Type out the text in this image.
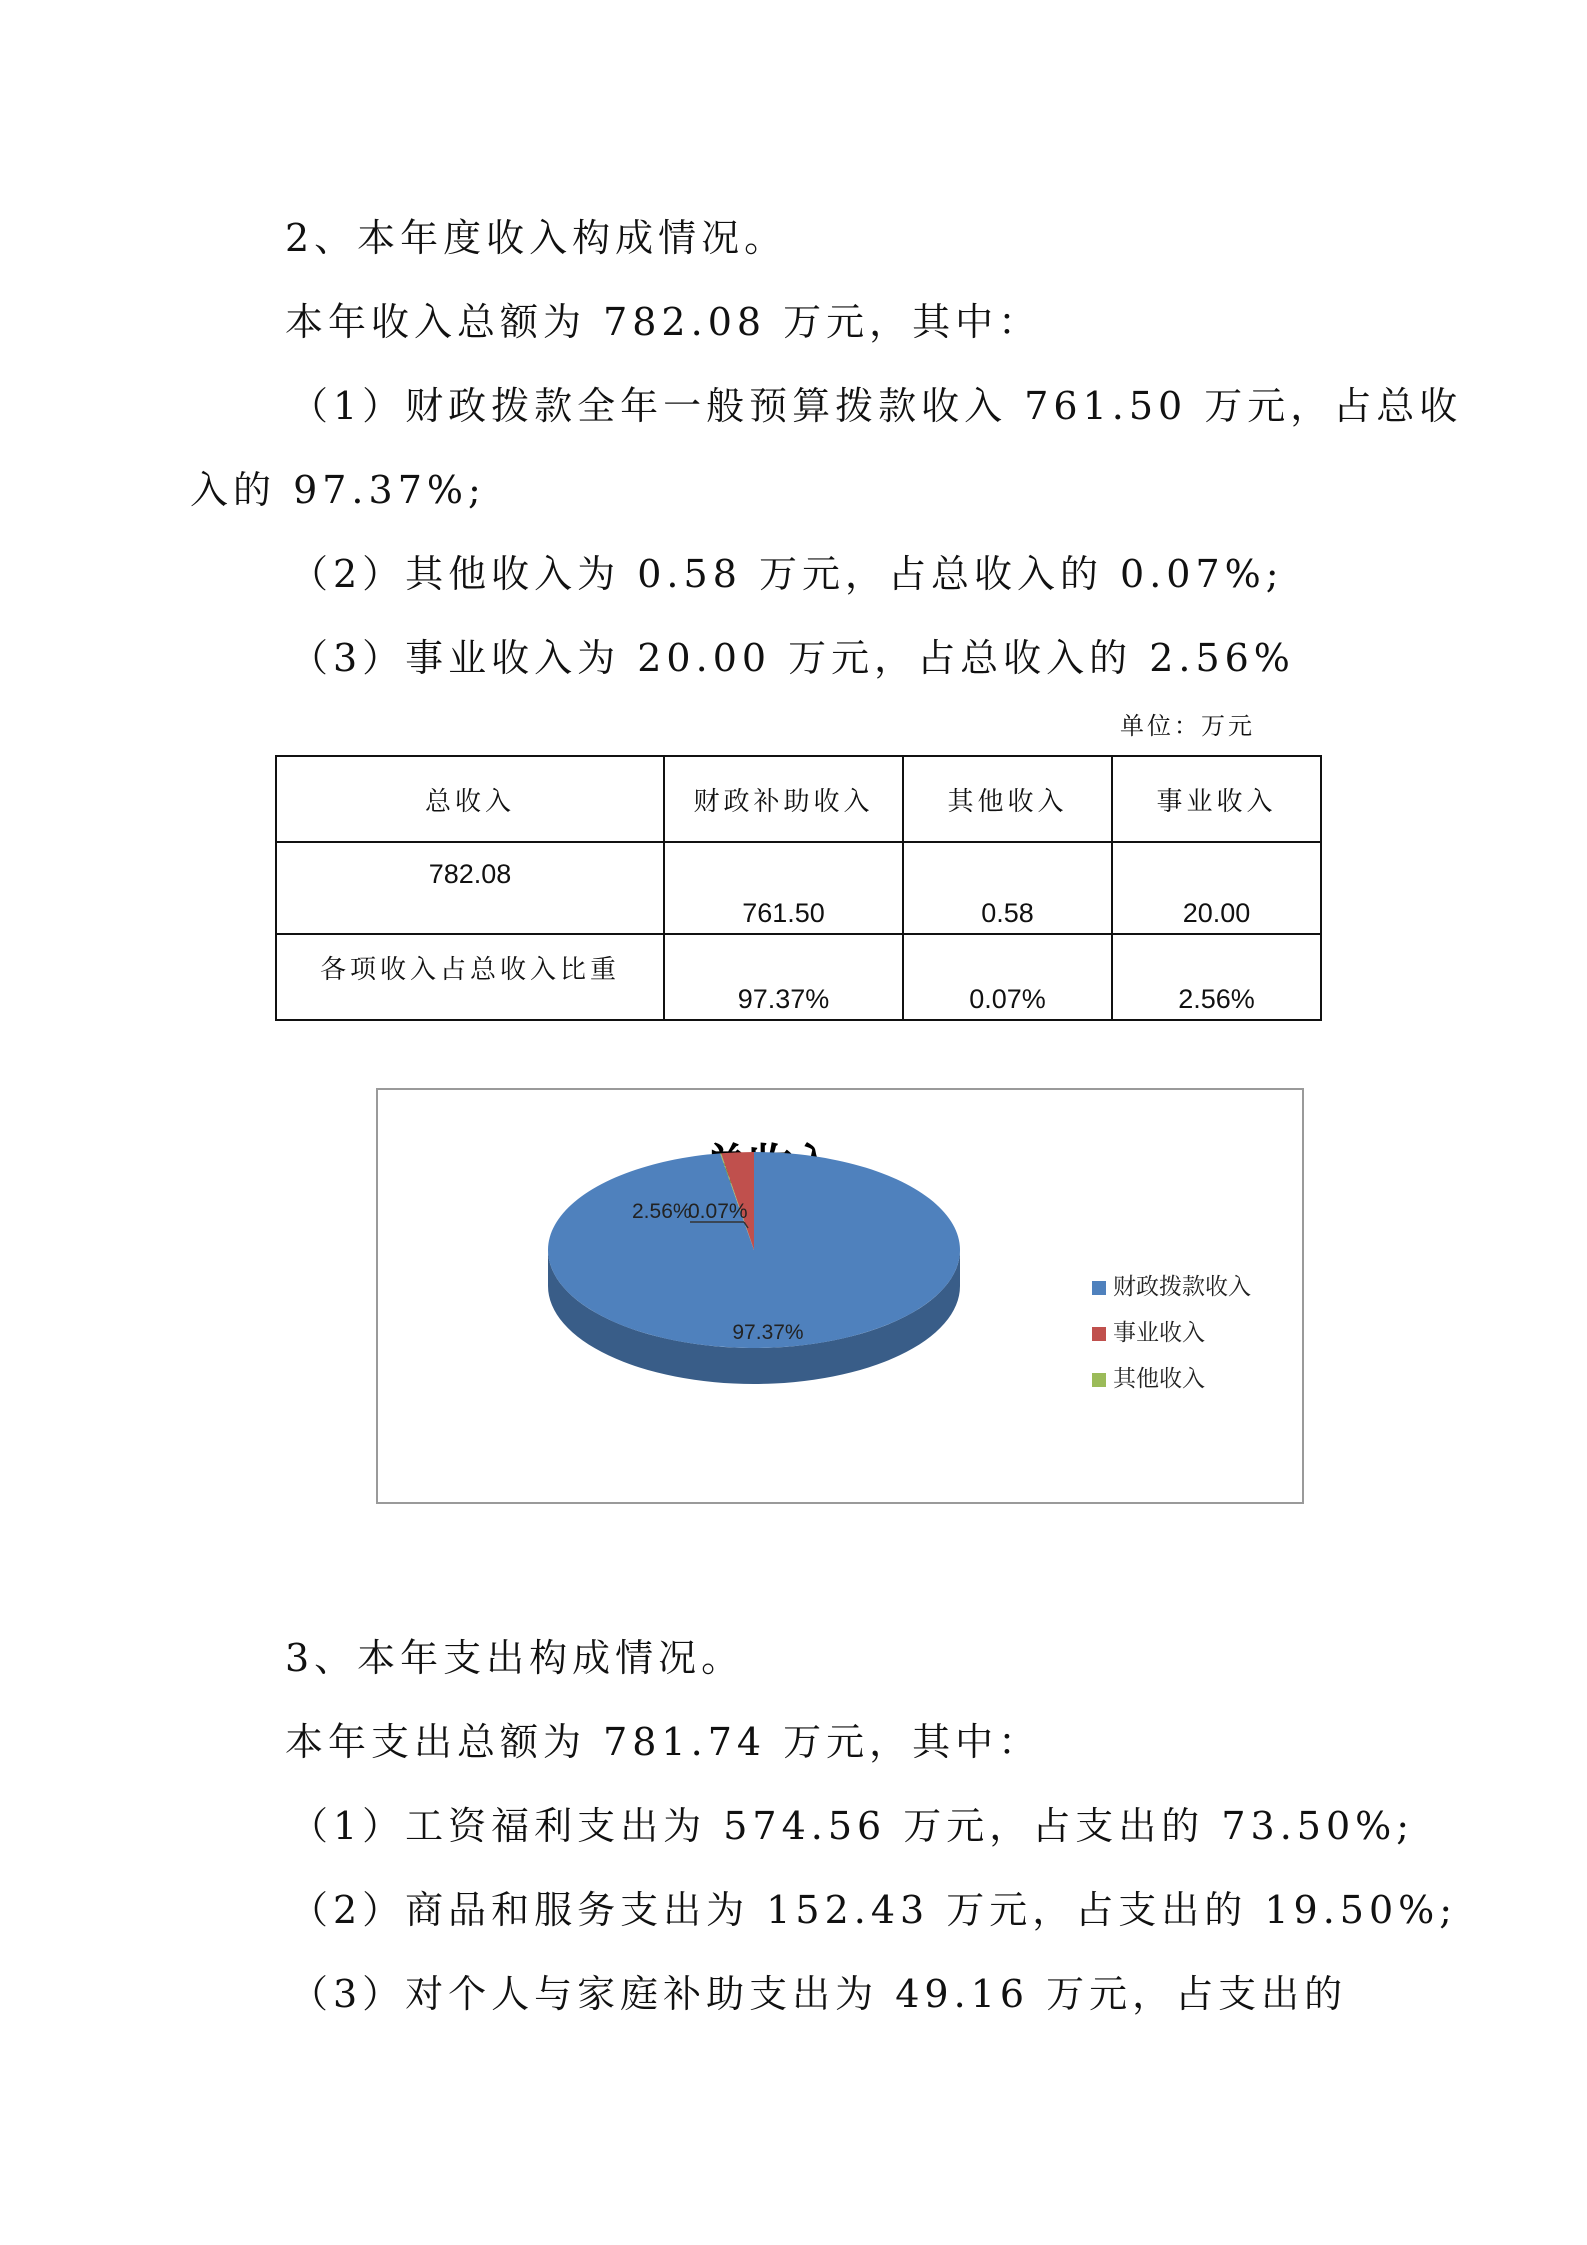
2、本年度收入构成情况。
本年收入总额为 782.08 万元，其中：
（1）财政拨款全年一般预算拨款收入 761.50 万元，占总收
入的 97.37%;
（2）其他收入为 0.58 万元，占总收入的 0.07%;
（3）事业收入为 20.00 万元，占总收入的 2.56%
单位：万元
总收入	财政补助收入	其他收入	事业收入
782.08	761.50	0.58	20.00
各项收入占总收入比重	97.37%	0.07%	2.56%
97.37%
2.56%
0.07%
财政拨款收入
事业收入
其他收入
3、本年支出构成情况。
本年支出总额为 781.74 万元，其中：
（1）工资福利支出为 574.56 万元，占支出的 73.50%;
（2）商品和服务支出为 152.43 万元，占支出的 19.50%;
（3）对个人与家庭补助支出为 49.16 万元，占支出的
